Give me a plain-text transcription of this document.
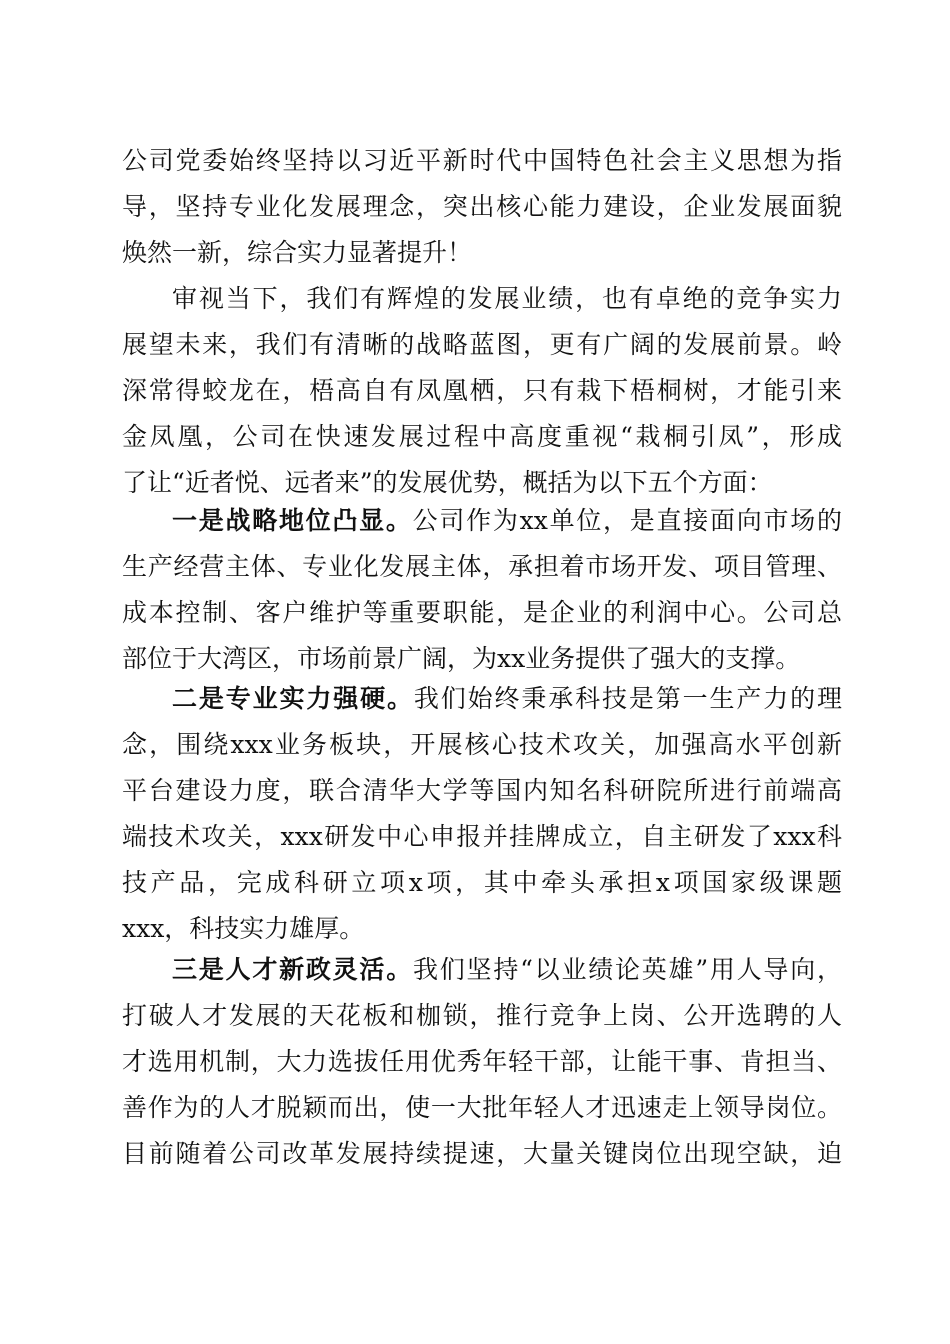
公司党委始终坚持以习近平新时代中国特色社会主义思想为指
导，坚持专业化发展理念，突出核心能力建设，企业发展面貌
焕然一新，综合实力显著提升！
审视当下，我们有辉煌的发展业绩，也有卓绝的竞争实力
展望未来，我们有清晰的战略蓝图，更有广阔的发展前景。岭
深常得蛟龙在，梧高自有凤凰栖，只有栽下梧桐树，才能引来
金凤凰，公司在快速发展过程中高度重视“栽桐引凤”，形成
了让“近者悦、远者来”的发展优势，概括为以下五个方面：
一是战略地位凸显。公司作为xx单位，是直接面向市场的
生产经营主体、专业化发展主体，承担着市场开发、项目管理、
成本控制、客户维护等重要职能，是企业的利润中心。公司总
部位于大湾区，市场前景广阔，为xx业务提供了强大的支撑。
二是专业实力强硬。我们始终秉承科技是第一生产力的理
念，围绕xxx业务板块，开展核心技术攻关，加强高水平创新
平台建设力度，联合清华大学等国内知名科研院所进行前端高
端技术攻关，xxx研发中心申报并挂牌成立，自主研发了xxx科
技产品，完成科研立项x项，其中牵头承担x项国家级课题
xxx，科技实力雄厚。
三是人才新政灵活。我们坚持“以业绩论英雄”用人导向，
打破人才发展的天花板和枷锁，推行竞争上岗、公开选聘的人
才选用机制，大力选拔任用优秀年轻干部，让能干事、肯担当、
善作为的人才脱颖而出，使一大批年轻人才迅速走上领导岗位。
目前随着公司改革发展持续提速，大量关键岗位出现空缺，迫
